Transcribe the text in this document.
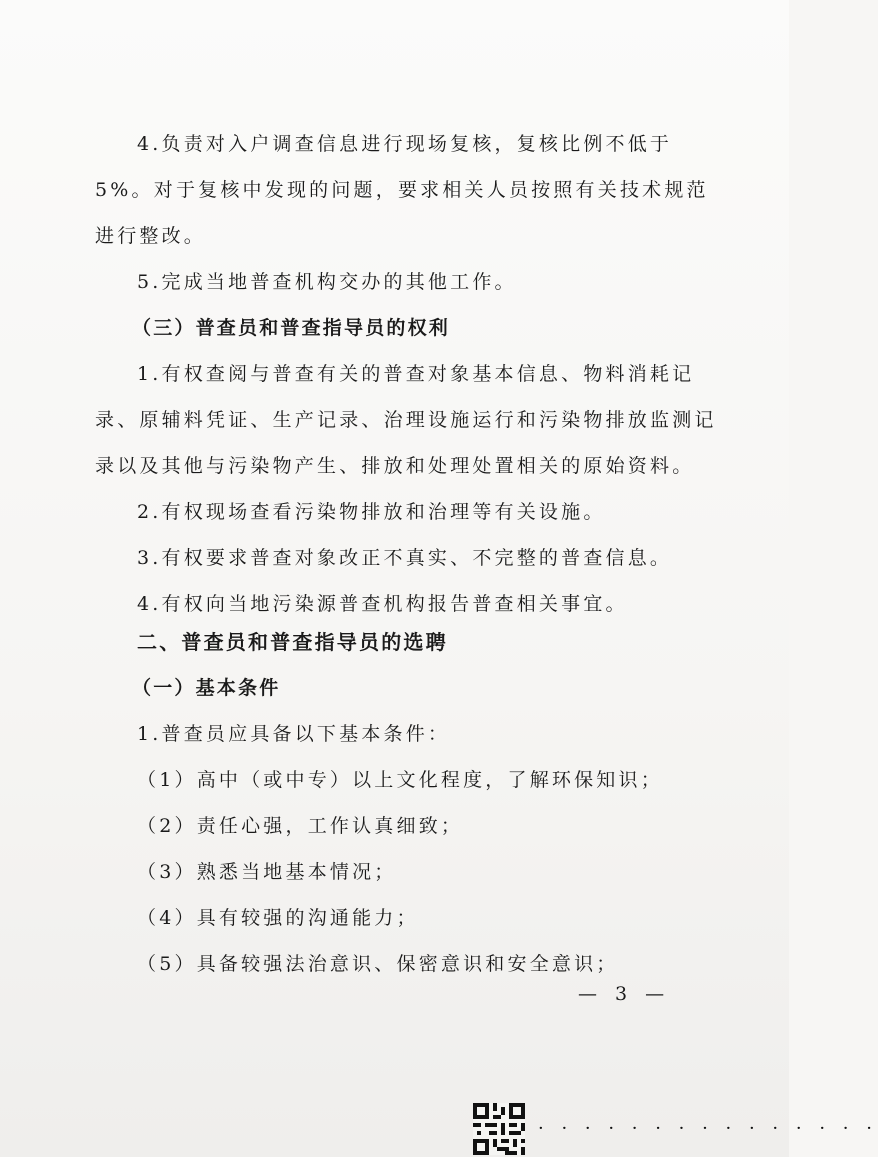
4.负责对入户调查信息进行现场复核，复核比例不低于
5%。对于复核中发现的问题，要求相关人员按照有关技术规范
进行整改。
5.完成当地普查机构交办的其他工作。
（三）普查员和普查指导员的权利
1.有权查阅与普查有关的普查对象基本信息、物料消耗记
录、原辅料凭证、生产记录、治理设施运行和污染物排放监测记
录以及其他与污染物产生、排放和处理处置相关的原始资料。
2.有权现场查看污染物排放和治理等有关设施。
3.有权要求普查对象改正不真实、不完整的普查信息。
4.有权向当地污染源普查机构报告普查相关事宜。
二、普查员和普查指导员的选聘
（一）基本条件
1.普查员应具备以下基本条件：
（1）高中（或中专）以上文化程度，了解环保知识；
（2）责任心强，工作认真细致；
（3）熟悉当地基本情况；
（4）具有较强的沟通能力；
（5）具备较强法治意识、保密意识和安全意识；
— 3 —
· · · · · · · · · · · · · · ·
